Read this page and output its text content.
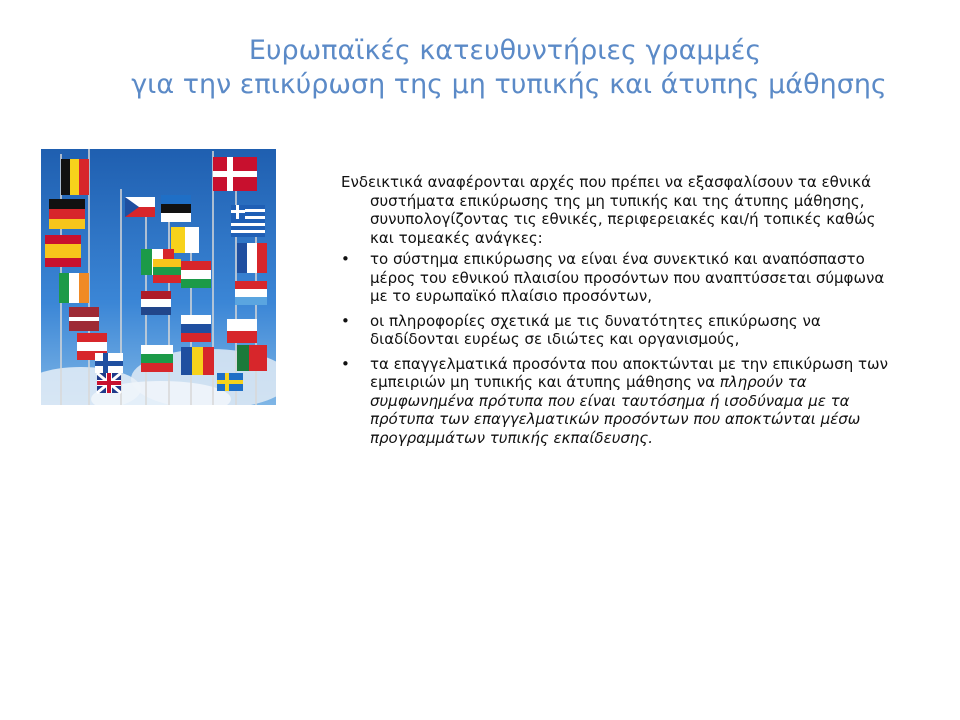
Ευρωπαϊκές κατευθυντήριες γραμμές
για την επικύρωση της μη τυπικής και άτυπης μάθησης

Ενδεικτικά αναφέρονται αρχές που πρέπει να εξασφαλίσουν τα εθνικά συστήματα επικύρωσης της μη τυπικής και της άτυπης μάθησης, συνυπολογίζοντας τις εθνικές, περιφερειακές και/ή τοπικές καθώς και τομεακές ανάγκες:

• το σύστημα επικύρωσης να είναι ένα συνεκτικό και αναπόσπαστο μέρος του εθνικού πλαισίου προσόντων που αναπτύσσεται σύμφωνα με το ευρωπαϊκό πλαίσιο προσόντων,
• οι πληροφορίες σχετικά με τις δυνατότητες επικύρωσης να διαδίδονται ευρέως σε ιδιώτες και οργανισμούς,
• τα επαγγελματικά προσόντα που αποκτώνται με την επικύρωση των εμπειριών μη τυπικής και άτυπης μάθησης να πληρούν τα συμφωνημένα πρότυπα που είναι ταυτόσημα ή ισοδύναμα με τα πρότυπα των επαγγελματικών προσόντων που αποκτώνται μέσω προγραμμάτων τυπικής εκπαίδευσης.
